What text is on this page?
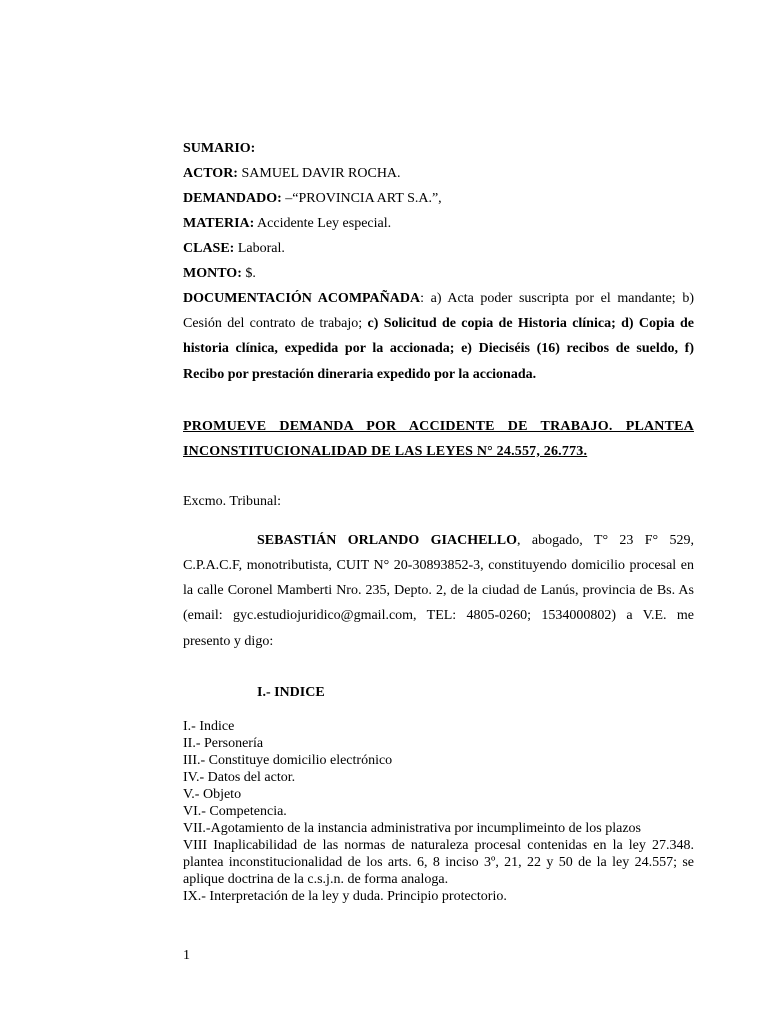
SUMARIO:

ACTOR: SAMUEL DAVIR ROCHA.

DEMANDADO: –“PROVINCIA ART S.A.”,

MATERIA: Accidente Ley especial.

CLASE: Laboral.

MONTO: $.

DOCUMENTACIÓN ACOMPAÑADA: a) Acta poder suscripta por el mandante; b) Cesión del contrato de trabajo; c) Solicitud de copia de Historia clínica; d) Copia de historia clínica, expedida por la accionada; e) Dieciséis (16) recibos de sueldo, f) Recibo por prestación dineraria expedido por la accionada.

PROMUEVE DEMANDA POR ACCIDENTE DE TRABAJO. PLANTEA INCONSTITUCIONALIDAD DE LAS LEYES N° 24.557, 26.773.

Excmo. Tribunal:

SEBASTIÁN ORLANDO GIACHELLO, abogado, T° 23 F° 529, C.P.A.C.F, monotributista, CUIT N° 20-30893852-3, constituyendo domicilio procesal en la calle Coronel Mamberti Nro. 235, Depto. 2, de la ciudad de Lanús, provincia de Bs. As (email: gyc.estudiojuridico@gmail.com, TEL: 4805-0260; 1534000802) a V.E. me presento y digo:

I.- INDICE

I.- Indice

II.- Personería

III.- Constituye domicilio electrónico

IV.- Datos del actor.

V.- Objeto

VI.- Competencia.

VII.-Agotamiento de la instancia administrativa por incumplimeinto de los plazos

VIII Inaplicabilidad de las normas de naturaleza procesal contenidas en la ley 27.348. plantea inconstitucionalidad de los arts. 6, 8 inciso 3º, 21, 22 y 50 de la ley 24.557; se aplique doctrina de la c.s.j.n. de forma analoga.

IX.- Interpretación de la ley y duda. Principio protectorio.

1
